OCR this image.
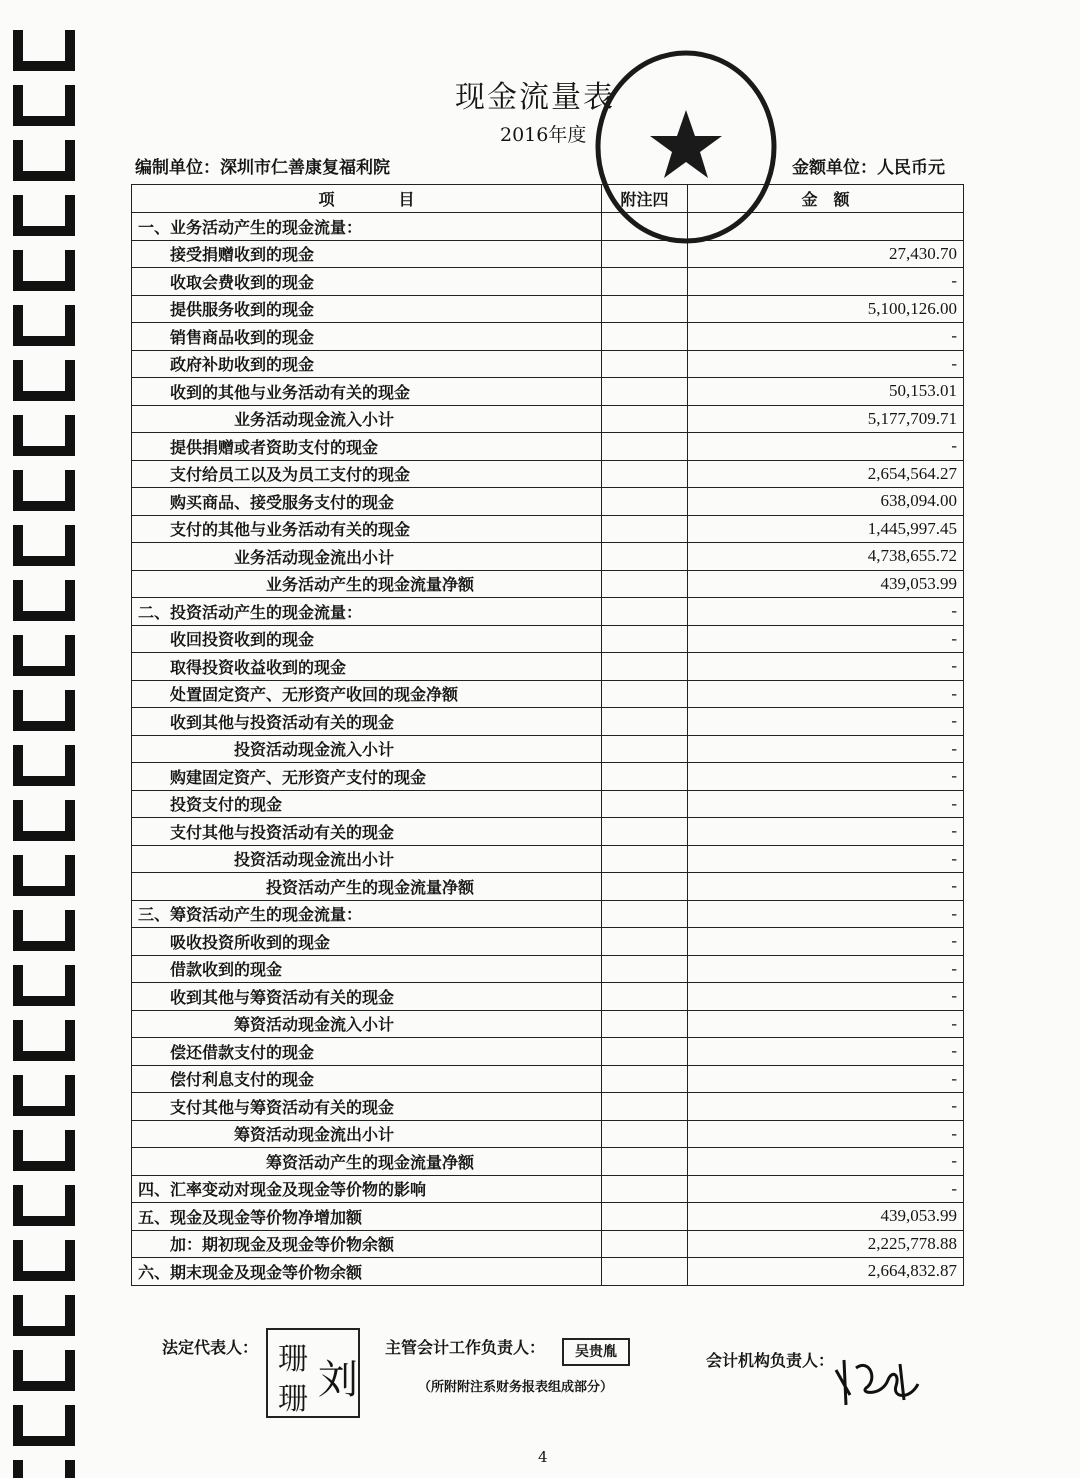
现金流量表
2016年度
编制单位：深圳市仁善康复福利院	金额单位：人民币元
项　　　　目	附注四	金　额
一、业务活动产生的现金流量：		
接受捐赠收到的现金		27,430.70
收取会费收到的现金		-
提供服务收到的现金		5,100,126.00
销售商品收到的现金		-
政府补助收到的现金		-
收到的其他与业务活动有关的现金		50,153.01
业务活动现金流入小计		5,177,709.71
提供捐赠或者资助支付的现金		-
支付给员工以及为员工支付的现金		2,654,564.27
购买商品、接受服务支付的现金		638,094.00
支付的其他与业务活动有关的现金		1,445,997.45
业务活动现金流出小计		4,738,655.72
业务活动产生的现金流量净额		439,053.99
二、投资活动产生的现金流量：		-
收回投资收到的现金		-
取得投资收益收到的现金		-
处置固定资产、无形资产收回的现金净额		-
收到其他与投资活动有关的现金		-
投资活动现金流入小计		-
购建固定资产、无形资产支付的现金		-
投资支付的现金		-
支付其他与投资活动有关的现金		-
投资活动现金流出小计		-
投资活动产生的现金流量净额		-
三、筹资活动产生的现金流量：		-
吸收投资所收到的现金		-
借款收到的现金		-
收到其他与筹资活动有关的现金		-
筹资活动现金流入小计		-
偿还借款支付的现金		-
偿付利息支付的现金		-
支付其他与筹资活动有关的现金		-
筹资活动现金流出小计		-
筹资活动产生的现金流量净额		-
四、汇率变动对现金及现金等价物的影响		-
五、现金及现金等价物净增加额		439,053.99
加：期初现金及现金等价物余额		2,225,778.88
六、期末现金及现金等价物余额		2,664,832.87
法定代表人： 珊 刘
珊
主管会计工作负责人：	吴贵胤	会计机构负责人：
（所附附注系财务报表组成部分）
4
